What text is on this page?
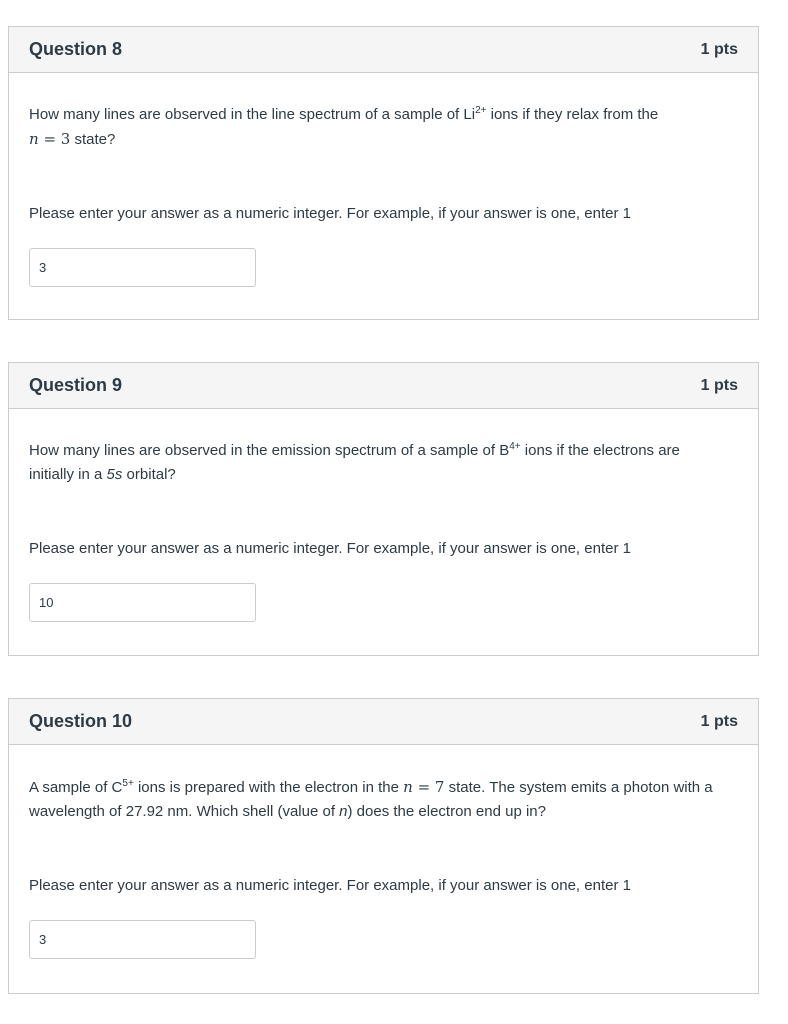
Question 8	1 pts

How many lines are observed in the line spectrum of a sample of $Li^{2+}$ ions if they relax from the
n = 3 state?

Please enter your answer as a numeric integer. For example, if your answer is one, enter 1

3
Question 9	1 pts

How many lines are observed in the emission spectrum of a sample of $B^{4+}$ ions if the electrons are initially in a 5s orbital?

Please enter your answer as a numeric integer. For example, if your answer is one, enter 1

10
Question 10	1 pts

A sample of $C^{5+}$ ions is prepared with the electron in the n = 7 state. The system emits a photon with a wavelength of 27.92 nm. Which shell (value of n) does the electron end up in?

Please enter your answer as a numeric integer. For example, if your answer is one, enter 1

3
